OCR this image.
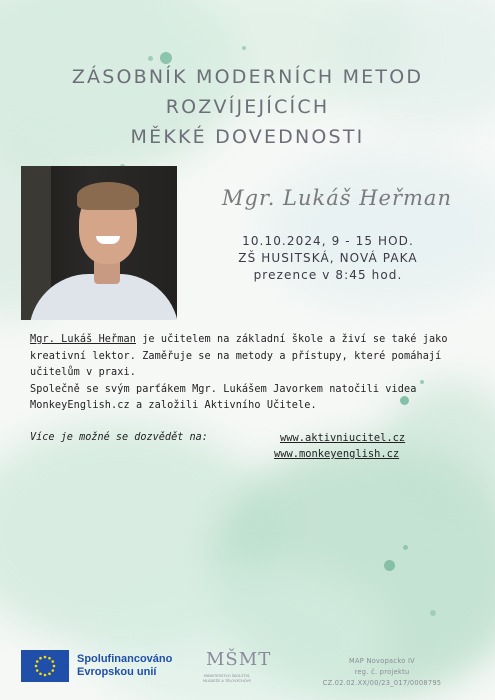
ZÁSOBNÍK MODERNÍCH METOD
ROZVÍJEJÍCÍCH
MĚKKÉ DOVEDNOSTI
Mgr. Lukáš Heřman
10.10.2024, 9 - 15 HOD.
ZŠ HUSITSKÁ, NOVÁ PAKA
prezence v 8:45 hod.

Mgr. Lukáš Heřman je učitelem na základní škole a živí se také jako kreativní lektor. Zaměřuje se na metody a přístupy, které pomáhají učitelům v praxi.

Společně se svým parťákem Mgr. Lukášem Javorkem natočili videa MonkeyEnglish.cz a založili Aktivního Učitele.

Více je možné se dozvědět na:	www.aktivniucitel.cz
www.monkeyenglish.cz
Spolufinancováno
Evropskou unií
MŠMT
MINISTERSTVO ŠKOLSTVÍ, MLÁDEŽE A TĚLOVÝCHOVY
MAP Novopacko IV
reg. č. projektu
CZ.02.02.XX/00/23_017/0008795
